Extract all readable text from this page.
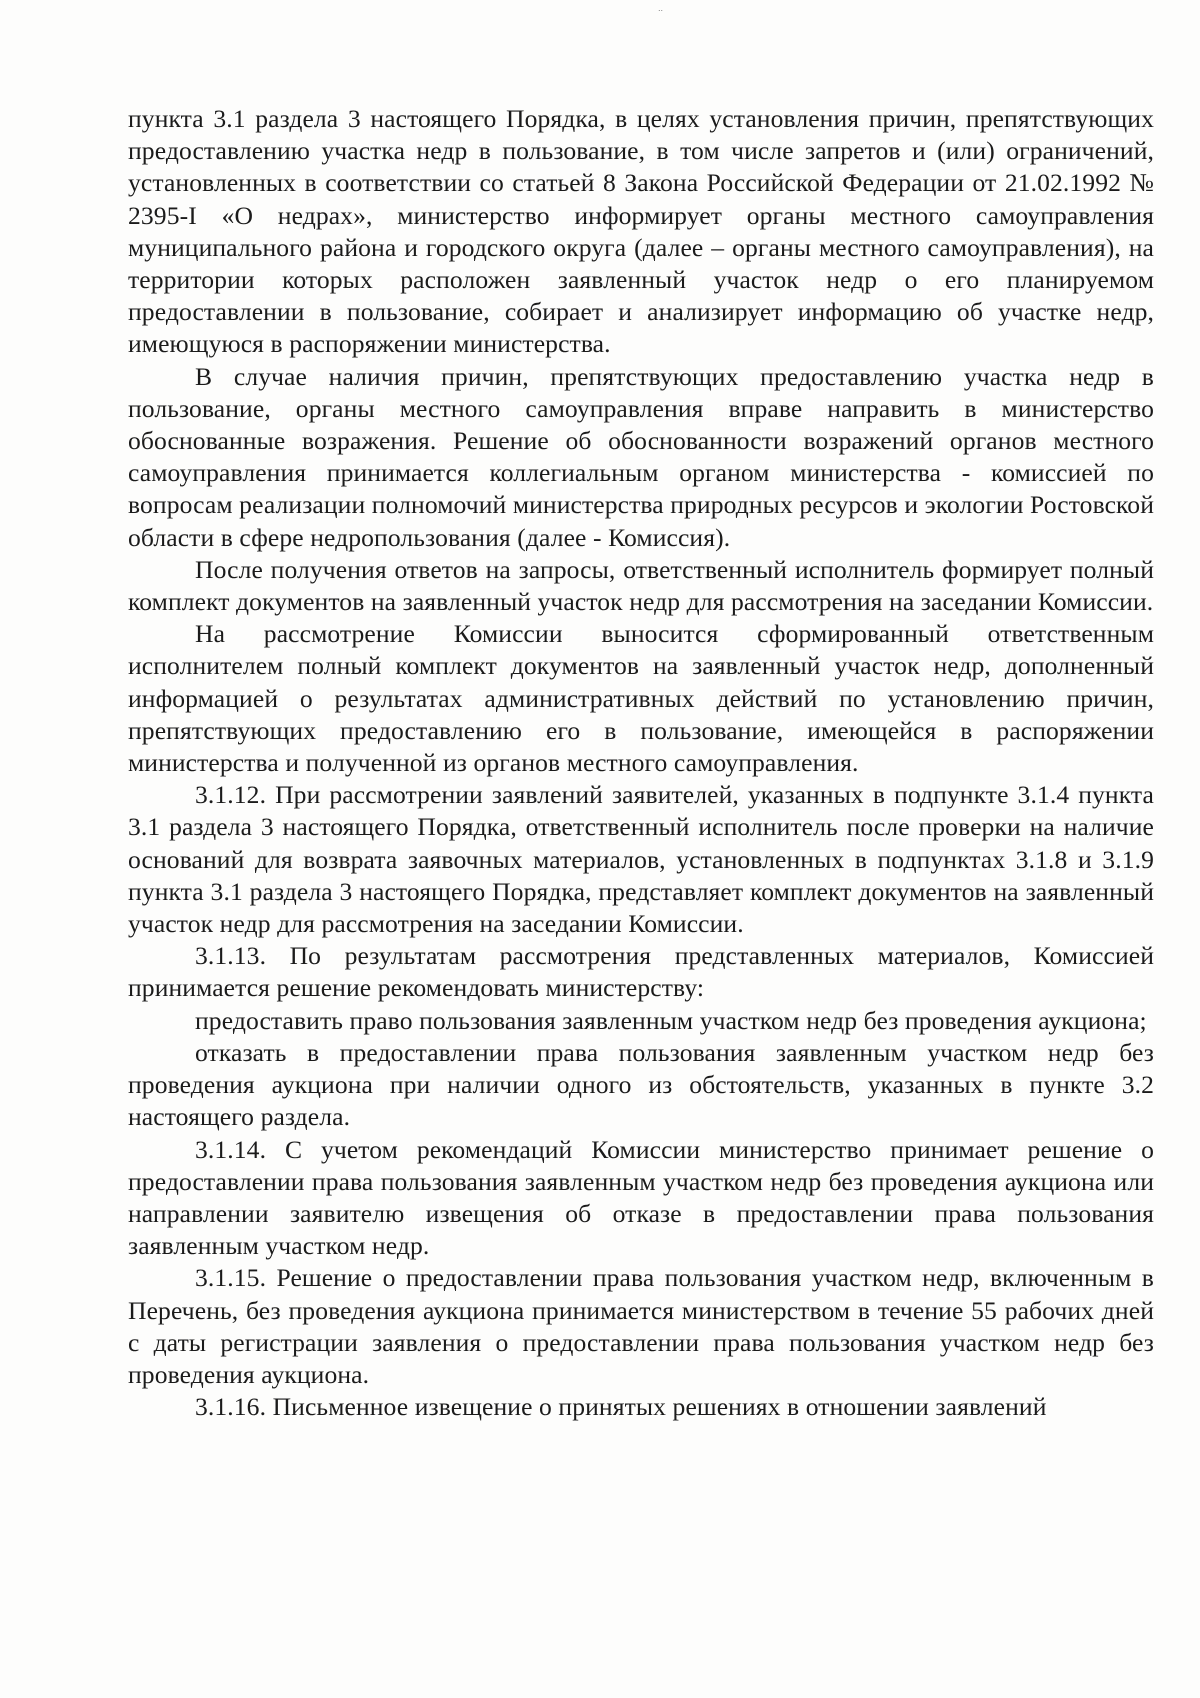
..

пункта 3.1 раздела 3 настоящего Порядка, в целях установления причин, препятствующих предоставлению участка недр в пользование, в том числе запретов и (или) ограничений, установленных в соответствии со статьей 8 Закона Российской Федерации от 21.02.1992 № 2395-I «О недрах», министерство информирует органы местного самоуправления муниципального района и городского округа (далее – органы местного самоуправления), на территории которых расположен заявленный участок недр о его планируемом предоставлении в пользование, собирает и анализирует информацию об участке недр, имеющуюся в распоряжении министерства.

В случае наличия причин, препятствующих предоставлению участка недр в пользование, органы местного самоуправления вправе направить в министерство обоснованные возражения. Решение об обоснованности возражений органов местного самоуправления принимается коллегиальным органом министерства - комиссией по вопросам реализации полномочий министерства природных ресурсов и экологии Ростовской области в сфере недропользования (далее - Комиссия).

После получения ответов на запросы, ответственный исполнитель формирует полный комплект документов на заявленный участок недр для рассмотрения на заседании Комиссии.

На рассмотрение Комиссии выносится сформированный ответственным исполнителем полный комплект документов на заявленный участок недр, дополненный информацией о результатах административных действий по установлению причин, препятствующих предоставлению его в пользование, имеющейся в распоряжении министерства и полученной из органов местного самоуправления.

3.1.12. При рассмотрении заявлений заявителей, указанных в подпункте 3.1.4 пункта 3.1 раздела 3 настоящего Порядка, ответственный исполнитель после проверки на наличие оснований для возврата заявочных материалов, установленных в подпунктах 3.1.8 и 3.1.9 пункта 3.1 раздела 3 настоящего Порядка, представляет комплект документов на заявленный участок недр для рассмотрения на заседании Комиссии.

3.1.13. По результатам рассмотрения представленных материалов, Комиссией принимается решение рекомендовать министерству:

предоставить право пользования заявленным участком недр без проведения аукциона;

отказать в предоставлении права пользования заявленным участком недр без проведения аукциона при наличии одного из обстоятельств, указанных в пункте 3.2 настоящего раздела.

3.1.14. С учетом рекомендаций Комиссии министерство принимает решение о предоставлении права пользования заявленным участком недр без проведения аукциона или направлении заявителю извещения об отказе в предоставлении права пользования заявленным участком недр.

3.1.15. Решение о предоставлении права пользования участком недр, включенным в Перечень, без проведения аукциона принимается министерством в течение 55 рабочих дней с даты регистрации заявления о предоставлении права пользования участком недр без проведения аукциона.

3.1.16. Письменное извещение о принятых решениях в отношении заявлений
